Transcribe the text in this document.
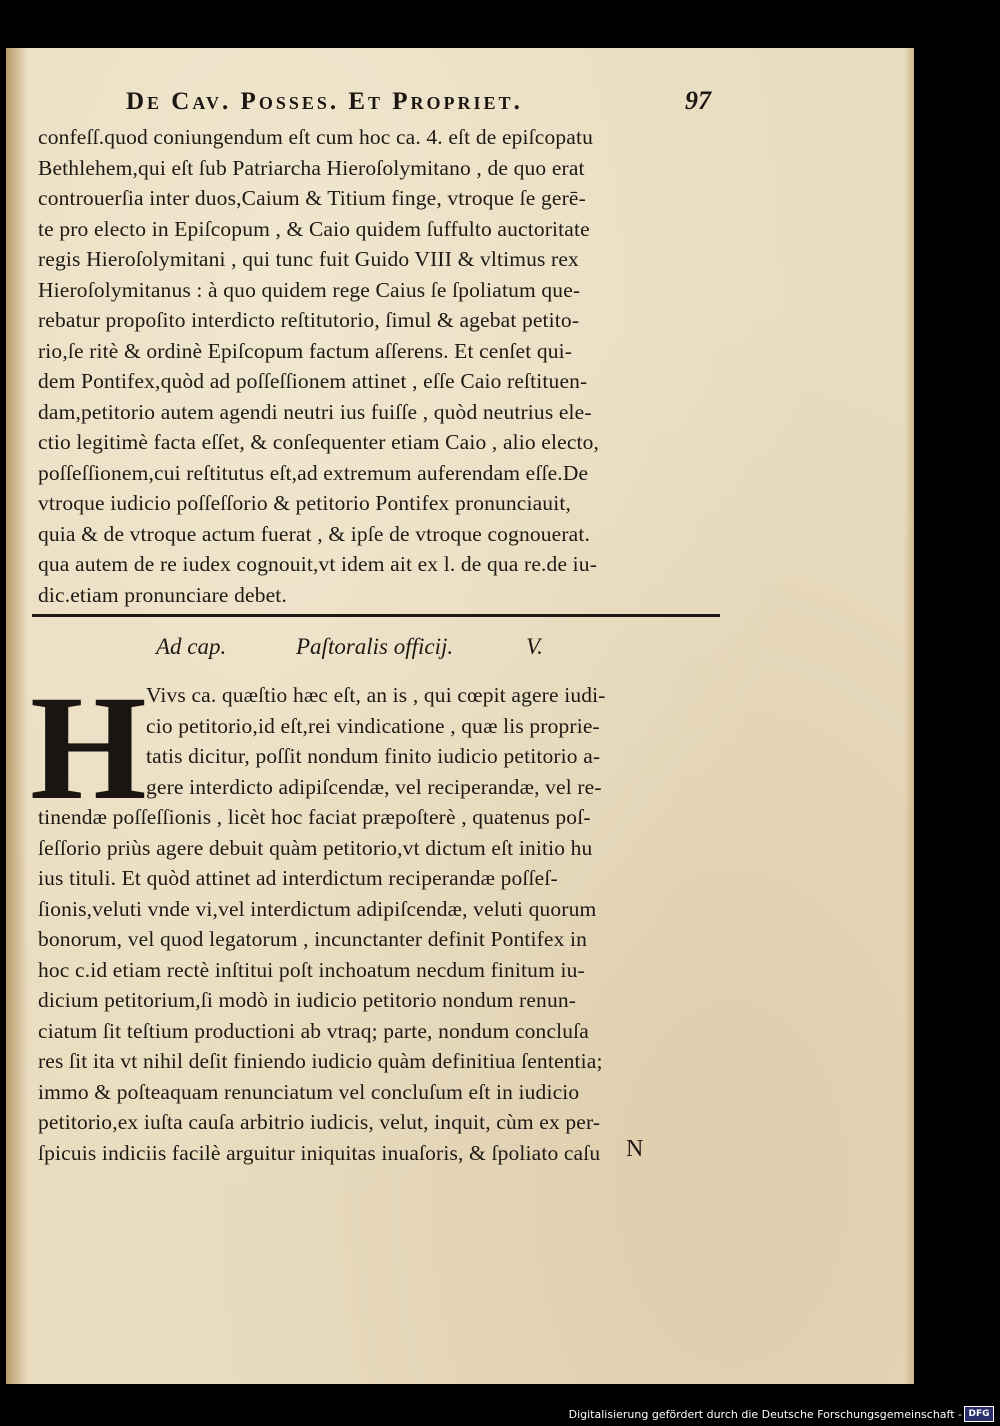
De Cav. Posses. Et Propriet.	97
confeſſ.quod coniungendum eſt cum hoc ca. 4. eſt de epiſcopatu
Bethlehem,qui eſt ſub Patriarcha Hieroſolymitano , de quo erat
controuerſia inter duos,Caium & Titium finge, vtroque ſe gerē-
te pro electo in Epiſcopum , & Caio quidem ſuffulto auctoritate
regis Hieroſolymitani , qui tunc fuit Guido VIII & vltimus rex
Hieroſolymitanus : à quo quidem rege Caius ſe ſpoliatum que-
rebatur propoſito interdicto reſtitutorio, ſimul & agebat petito-
rio,ſe ritè & ordinè Epiſcopum factum aſſerens. Et cenſet qui-
dem Pontifex,quòd ad poſſeſſionem attinet , eſſe Caio reſtituen-
dam,petitorio autem agendi neutri ius fuiſſe , quòd neutrius ele-
ctio legitimè facta eſſet, & conſequenter etiam Caio , alio electo,
poſſeſſionem,cui reſtitutus eſt,ad extremum auferendam eſſe.De
vtroque iudicio poſſeſſorio & petitorio Pontifex pronunciauit,
quia & de vtroque actum fuerat , & ipſe de vtroque cognouerat.
qua autem de re iudex cognouit,vt idem ait ex l. de qua re.de iu-
dic.etiam pronunciare debet.
Ad cap.	Paſtoralis officij.	V.
H Vivs ca. quæſtio hæc eſt, an is , qui cœpit agere iudi-
cio petitorio,id eſt,rei vindicatione , quæ lis proprie-
tatis dicitur, poſſit nondum finito iudicio petitorio a-
gere interdicto adipiſcendæ, vel reciperandæ, vel re-
tinendæ poſſeſſionis , licèt hoc faciat præpoſterè , quatenus poſ-
ſeſſorio priùs agere debuit quàm petitorio,vt dictum eſt initio hu
ius tituli. Et quòd attinet ad interdictum reciperandæ poſſeſ-
ſionis,veluti vnde vi,vel interdictum adipiſcendæ, veluti quorum
bonorum, vel quod legatorum , incunctanter definit Pontifex in
hoc c.id etiam rectè inſtitui poſt inchoatum necdum finitum iu-
dicium petitorium,ſi modò in iudicio petitorio nondum renun-
ciatum ſit teſtium productioni ab vtraq; parte, nondum concluſa
res ſit ita vt nihil deſit finiendo iudicio quàm definitiua ſententia;
immo & poſteaquam renunciatum vel concluſum eſt in iudicio
petitorio,ex iuſta cauſa arbitrio iudicis, velut, inquit, cùm ex per-
ſpicuis indiciis facilè arguitur iniquitas inuaſoris, & ſpoliato caſu	N
Digitalisierung gefördert durch die Deutsche Forschungsgemeinschaft - DFG
